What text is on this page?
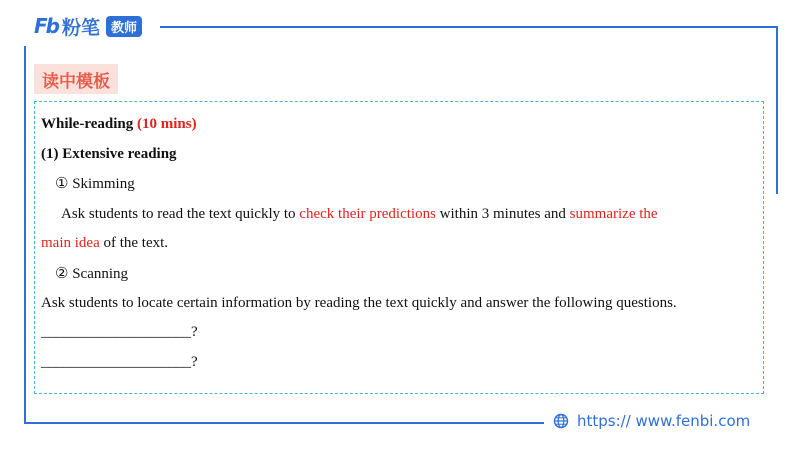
Fb 粉笔 教师
读中模板
While-reading (10 mins)
(1) Extensive reading
① Skimming
Ask students to read the text quickly to check their predictions within 3 minutes and summarize the
main idea of the text.
② Scanning
Ask students to locate certain information by reading the text quickly and answer the following questions.
____________________?
____________________?
https:// www.fenbi.com
